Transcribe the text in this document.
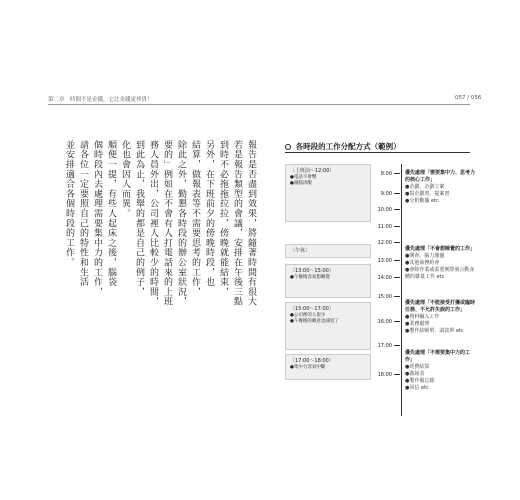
第二章　時間不是金錢，它比金錢更珍貴！	057 / 056
報告是否盡到效果，將隨著時間有很大
若是報告類型的會議，安排在午後三點
到時不必拖拖拉拉，傍晚就能結束，
另外，在下班前夕的傍晚時段，也
結算，做報表等不需要思考的工作，
除此之外，勤懇各時段的辦公室狀況，
要的」例如在不會有人打電話來的上班
務人員外出，公司裡人比較少的時間，
到此為止，我舉的都是自己的例子，
化也會因人而異。
順便一提，有些人起床之後，腦袋
個時段內去處理需要集中力的工作，
請各位一定要照自己的特性和生活
並安排適合各個時段的工作。	各時段的工作分配方式（範例）
〔上班前～12:00〕
●電話不會響
●頭腦清醒
〔午休〕
〔13:00～15:00〕
●午餐後容易想睡覺
〔15:00～17:00〕
●公司裡的人很少
●午餐後的睡意也減退了
〔17:00～18:00〕
●集中力容易中斷
8:00
9:00
10:00
11:00
12:00
13:00
14:00
15:00
16:00
17:00
18:00
優先處理「需要集中力、思考力的核心工作」
●企劃、企劃立案
●寫企劃書、提案書
●分析數據 etc
優先處理「不會想睡覺的工作」
●開會、腦力激盪
●其他商務約會
●會除作業或需要實際發言動身體的雜量工作 etc
優先處理「不能接受打擾或臨時任務、不允許失誤的工作」
●資料輸入工作
●業務處理
●製作結帳單、請款單 etc
優先處理「不需要集中力的工作」
●經費結算
●做報表
●製作備忘錄
●回信 etc
